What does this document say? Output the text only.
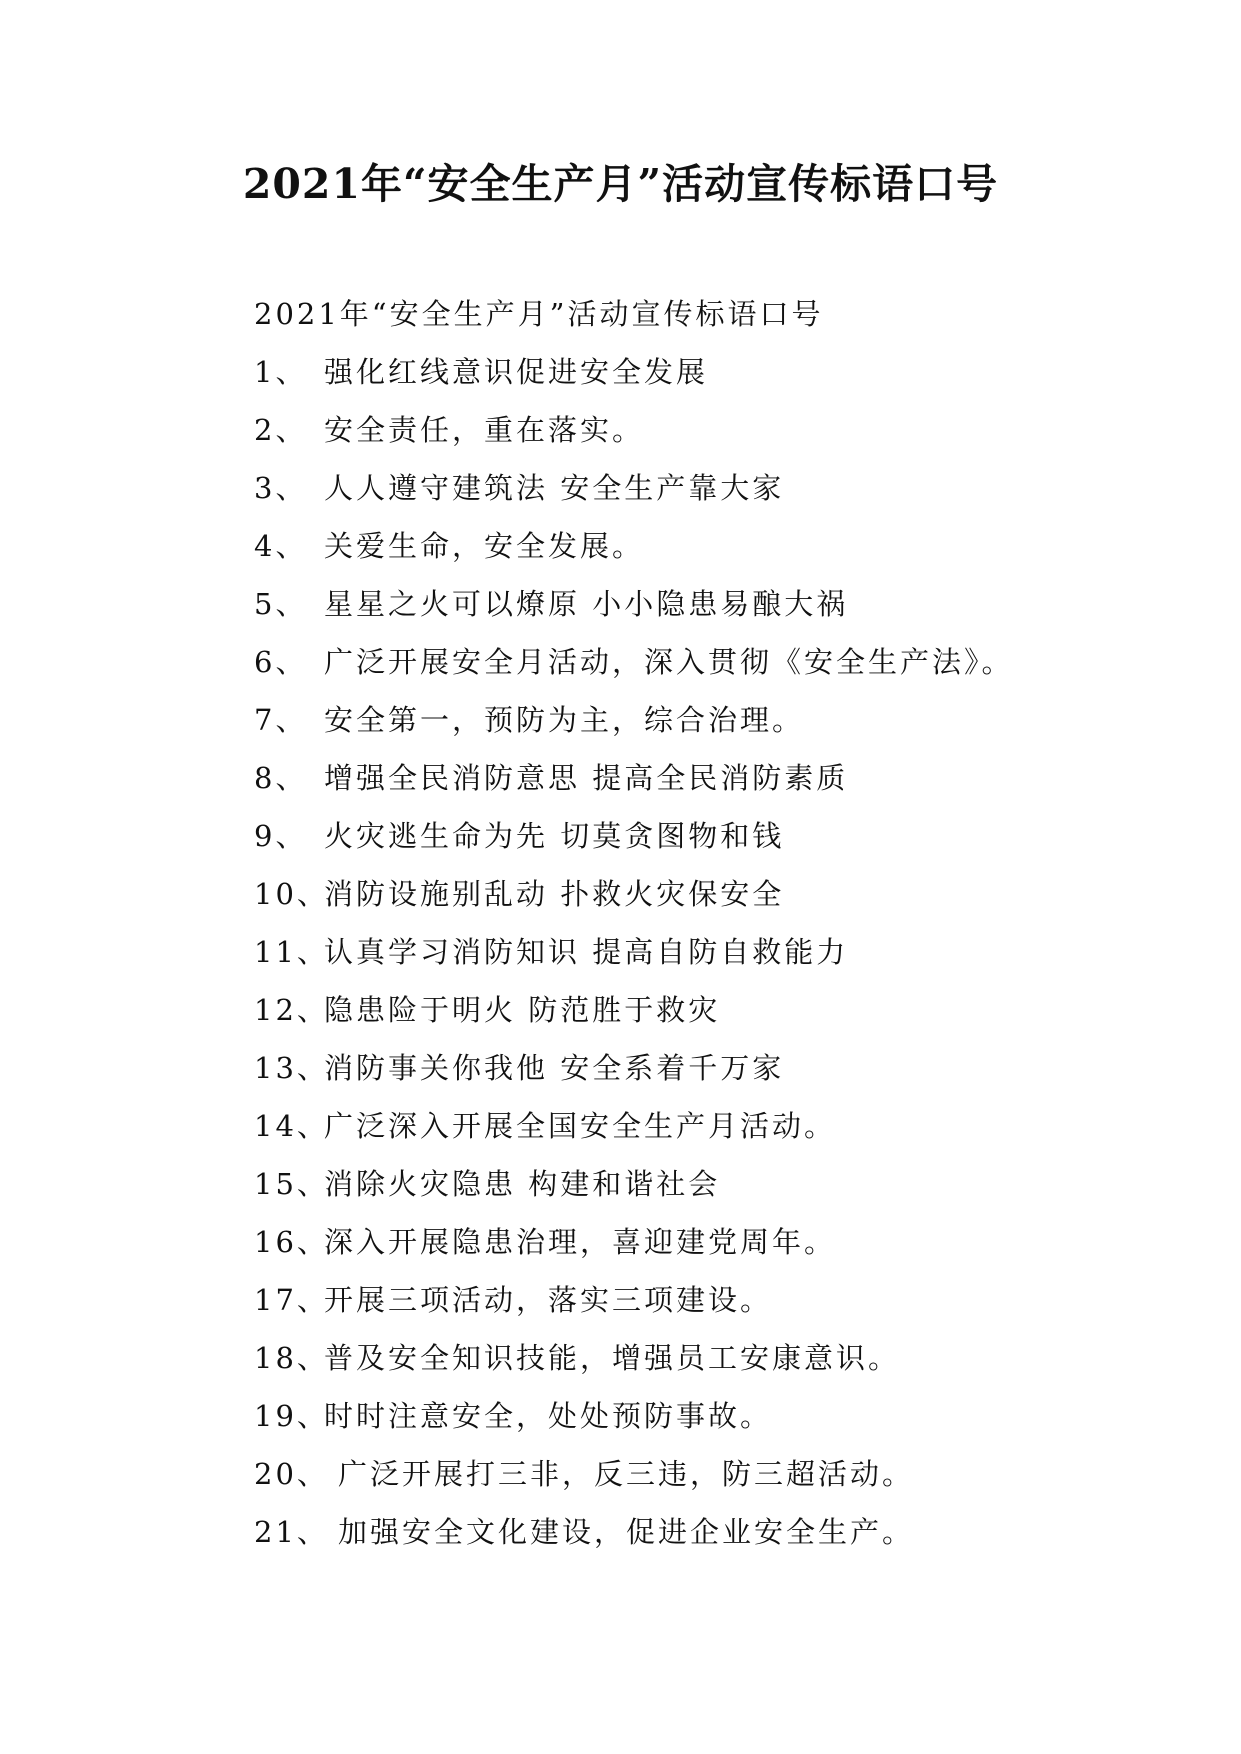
2021年“安全生产月”活动宣传标语口号

2021年“安全生产月”活动宣传标语口号

1、 强化红线意识促进安全发展
2、 安全责任，重在落实。
3、 人人遵守建筑法 安全生产靠大家
4、 关爱生命，安全发展。
5、 星星之火可以燎原 小小隐患易酿大祸
6、 广泛开展安全月活动，深入贯彻《安全生产法》。
7、 安全第一，预防为主，综合治理。
8、 增强全民消防意思 提高全民消防素质
9、 火灾逃生命为先 切莫贪图物和钱
10、
消防设施别乱动 扑救火灾保安全
11、
认真学习消防知识 提高自防自救能力
12、
隐患险于明火 防范胜于救灾
13、
消防事关你我他 安全系着千万家
14、
广泛深入开展全国安全生产月活动。
15、
消除火灾隐患 构建和谐社会
16、
深入开展隐患治理，喜迎建党周年。
17、
开展三项活动，落实三项建设。
18、
普及安全知识技能，增强员工安康意识。
19、
时时注意安全，处处预防事故。
20、 广泛开展打三非，反三违，防三超活动。
21、 加强安全文化建设，促进企业安全生产。
